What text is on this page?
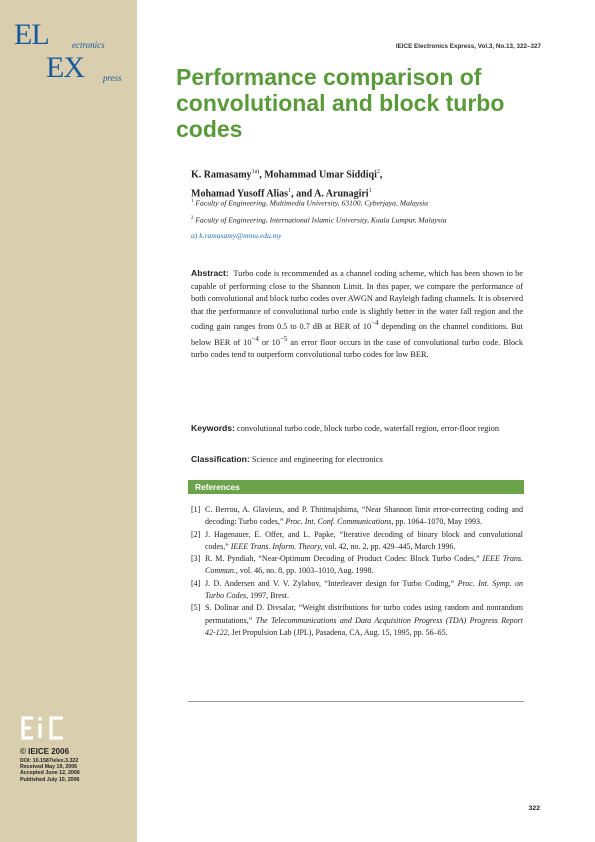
EL	ectronics
EX press
© IEICE 2006
DOI: 10.1587/elex.3.322
Received May 19, 2006
Accepted June 12, 2006
Published July 10, 2006
IEICE Electronics Express, Vol.3, No.13, 322–327
Performance comparison of convolutional and block turbo codes
K. Ramasamy$^{1a)}$, Mohammad Umar Siddiqi$^2$,
Mohamad Yusoff Alias$^1$, and A. Arunagiri$^1$
$^1$ Faculty of Engineering, Multimedia University, 63100, Cyberjaya, Malaysia
$^2$ Faculty of Engineering, International Islamic University, Kuala Lumpur, Malaysia
a) k.ramasamy@mmu.edu.my
Abstract: Turbo code is recommended as a channel coding scheme, which has been shown to be capable of performing close to the Shannon Limit. In this paper, we compare the performance of both convolutional and block turbo codes over AWGN and Rayleigh fading channels. It is observed that the performance of convolutional turbo code is slightly better in the water fall region and the coding gain ranges from 0.5 to 0.7 dB at BER of $10^{-4}$ depending on the channel conditions. But below BER of $10^{-4}$ or $10^{-5}$ an error floor occurs in the case of convolutional turbo code. Block turbo codes tend to outperform convolutional turbo codes for low BER.
Keywords: convolutional turbo code, block turbo code, waterfall region, error-floor region
Classification: Science and engineering for electronics
References
[1] C. Berrou, A. Glavieux, and P. Thitimajshima, “Near Shannon limit error-correcting coding and decoding: Turbo codes,” Proc. Int. Conf. Communications, pp. 1064–1070, May 1993.
[2] J. Hagenauer, E. Offer, and L. Papke, “Iterative decoding of binary block and convolutional codes,” IEEE Trans. Inform. Theory, vol. 42, no. 2, pp. 429–445, March 1996.
[3] R. M. Pyndiah, “Near-Optimum Decoding of Product Codes: Block Turbo Codes,” IEEE Trans. Commun., vol. 46, no. 8, pp. 1003–1010, Aug. 1998.
[4] J. D. Andersen and V. V. Zylabov, “Interleaver design for Turbo Coding,” Proc. Int. Symp. on Turbo Codes, 1997, Brest.
[5] S. Dolinar and D. Divsalar, “Weight distributions for turbo codes using random and nonrandom permutations,” The Telecommunications and Data Acquisition Progress (TDA) Progress Report 42-122, Jet Propulsion Lab (JPL), Pasadena, CA, Aug. 15, 1995, pp. 56–65.
322
